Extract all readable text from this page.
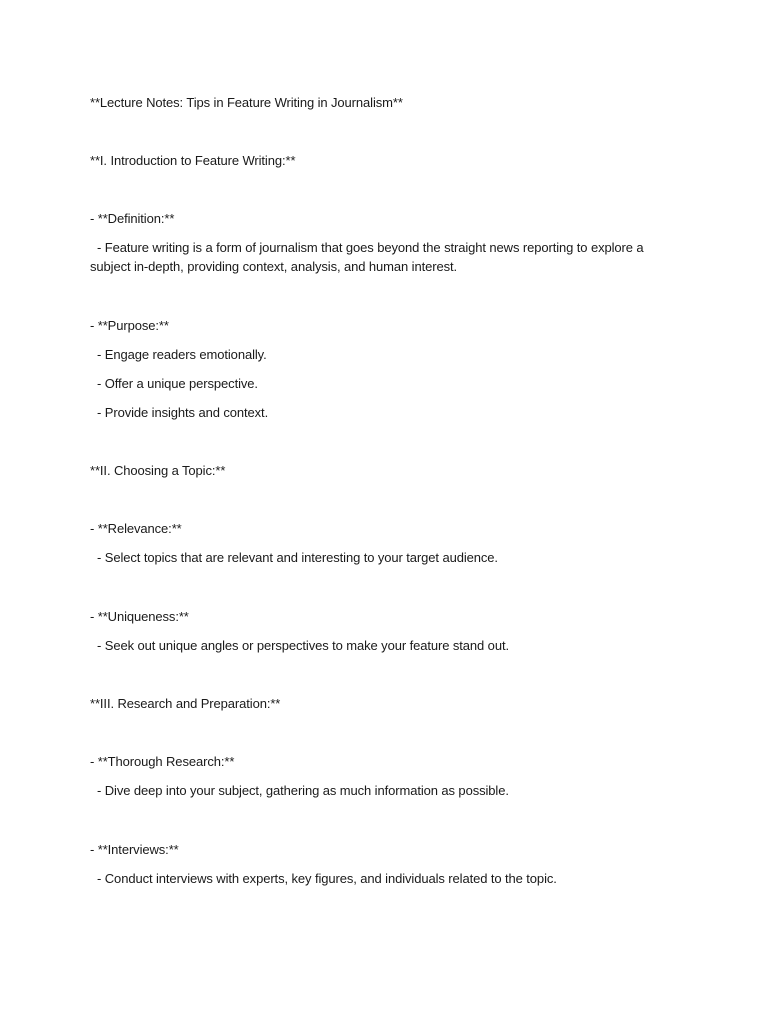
**Lecture Notes: Tips in Feature Writing in Journalism**
**I. Introduction to Feature Writing:**
- **Definition:**
- Feature writing is a form of journalism that goes beyond the straight news reporting to explore a subject in-depth, providing context, analysis, and human interest.
- **Purpose:**
- Engage readers emotionally.
- Offer a unique perspective.
- Provide insights and context.
**II. Choosing a Topic:**
- **Relevance:**
- Select topics that are relevant and interesting to your target audience.
- **Uniqueness:**
- Seek out unique angles or perspectives to make your feature stand out.
**III. Research and Preparation:**
- **Thorough Research:**
- Dive deep into your subject, gathering as much information as possible.
- **Interviews:**
- Conduct interviews with experts, key figures, and individuals related to the topic.
